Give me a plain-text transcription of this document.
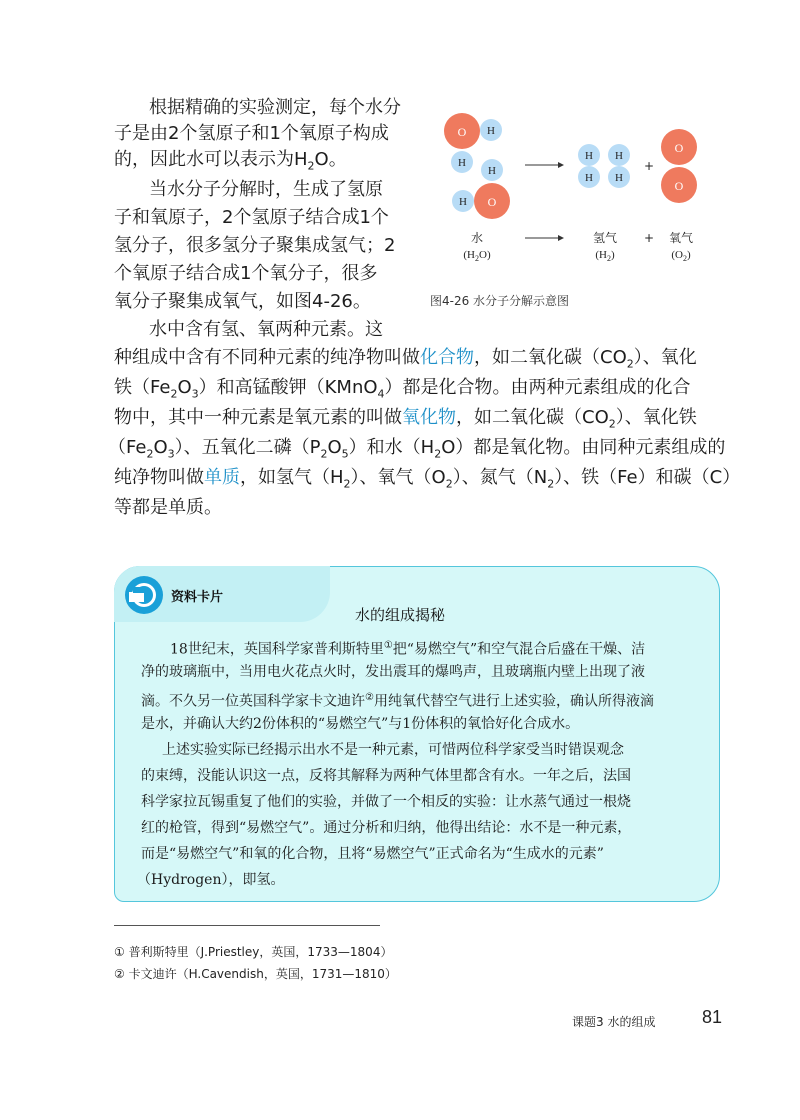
根据精确的实验测定，每个水分
子是由2个氢原子和1个氧原子构成
的，因此水可以表示为$H_2O$。
当水分子分解时，生成了氢原
子和氧原子，2个氢原子结合成1个
氢分子，很多氢分子聚集成氢气；2
个氧原子结合成1个氧分子，很多
氧分子聚集成氧气，如图4-26。
水中含有氢、氧两种元素。这
种组成中含有不同种元素的纯净物叫做化合物，如二氧化碳$(CO_2)$、氧化
铁$(Fe_2O_3)$和高锰酸钾（KMnO$_4$）都是化合物。由两种元素组成的化合
物中，其中一种元素是氧元素的叫做氧化物，如二氧化碳$(CO_2)$、氧化铁
$(Fe_2O_3)$、五氧化二磷$(P_2O_5)$和水$(H_2O)$都是氧化物。由同种元素组成的
纯净物叫做单质，如氢气$(H_2)$、氧气$(O_2)$、氮气$(N_2)$、铁（Fe）和碳（C）
等都是单质。
O H
H
O
H
H
H
H
H
H
+
O
O
水
$(H_2O)$
氢气
$(H_2)$
+ 氧气
$(O_2)$
图4-26 水分子分解示意图
资料卡片
水的组成揭秘
18世纪末，英国科学家普利斯特里①把“易燃空气”和空气混合后盛在干燥、洁
净的玻璃瓶中，当用电火花点火时，发出震耳的爆鸣声，且玻璃瓶内壁上出现了液
滴。不久另一位英国科学家卡文迪许②用纯氧代替空气进行上述实验，确认所得液滴
是水，并确认大约2份体积的“易燃空气”与1份体积的氧恰好化合成水。
上述实验实际已经揭示出水不是一种元素，可惜两位科学家受当时错误观念
的束缚，没能认识这一点，反将其解释为两种气体里都含有水。一年之后，法国
科学家拉瓦锡重复了他们的实验，并做了一个相反的实验：让水蒸气通过一根烧
红的枪管，得到“易燃空气”。通过分析和归纳，他得出结论：水不是一种元素，
而是“易燃空气”和氧的化合物，且将“易燃空气”正式命名为“生成水的元素”
（Hydrogen），即氢。
① 普利斯特里（J.Priestley，英国，1733—1804）
② 卡文迪许（H.Cavendish，英国，1731—1810）
课题3 水的组成	81
